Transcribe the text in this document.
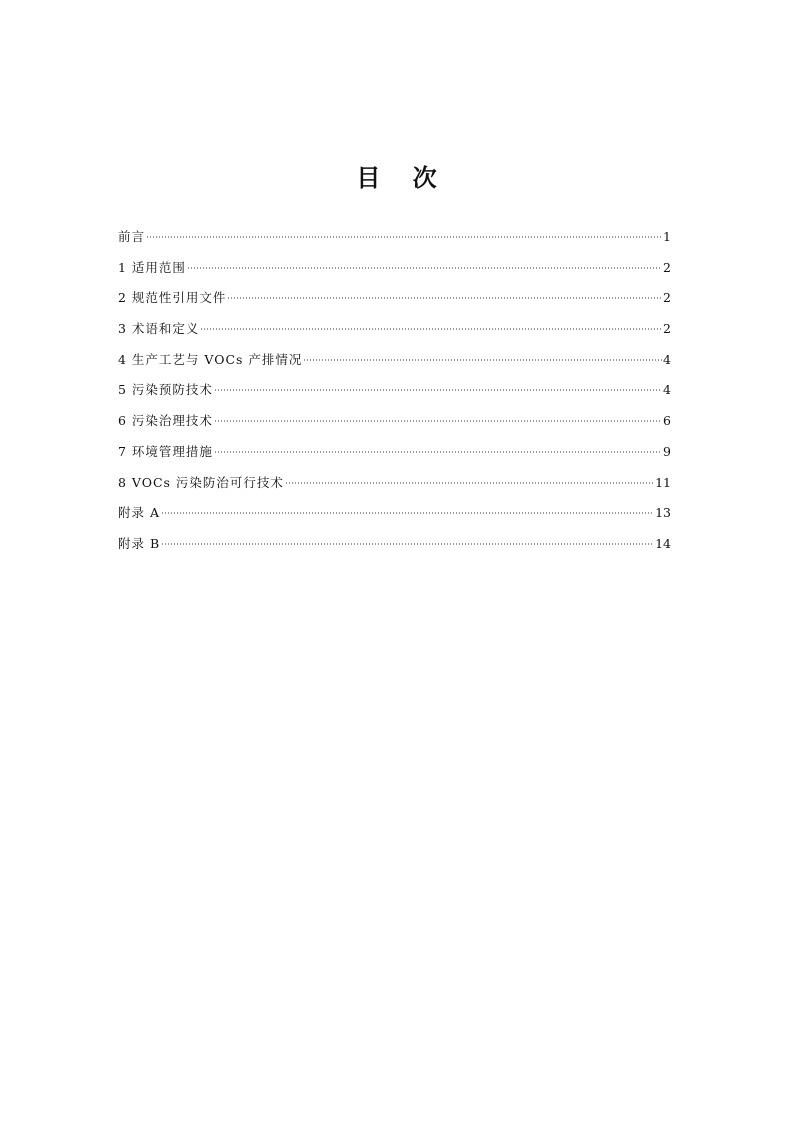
目 次
前言	1
1 适用范围	2
2 规范性引用文件	2
3 术语和定义	2
4 生产工艺与 VOCs 产排情况	4
5 污染预防技术	4
6 污染治理技术	6
7 环境管理措施	9
8 VOCs 污染防治可行技术	11
附录 A	13
附录 B	14
